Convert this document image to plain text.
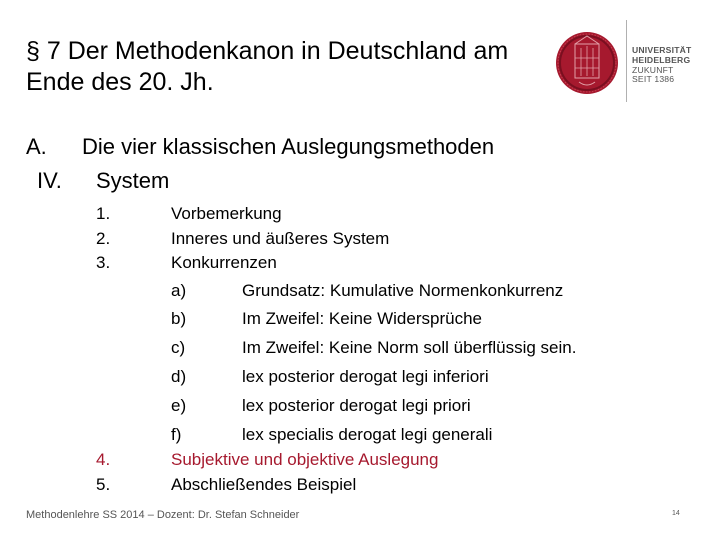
§ 7 Der Methodenkanon in Deutschland am Ende des 20. Jh.
UNIVERSITÄT
HEIDELBERG
ZUKUNFT
SEIT 1386
A. Die vier klassischen Auslegungsmethoden
IV. System
1.	Vorbemerkung
2.	Inneres und äußeres System
3.	Konkurrenzen
a)	Grundsatz: Kumulative Normenkonkurrenz
b)	Im Zweifel: Keine Widersprüche
c)	Im Zweifel: Keine Norm soll überflüssig sein.
d)	lex posterior derogat legi inferiori
e)	lex posterior derogat legi priori
f)	lex specialis derogat legi generali
4.	Subjektive und objektive Auslegung
5.	Abschließendes Beispiel
Methodenlehre SS 2014 – Dozent: Dr. Stefan Schneider	14
